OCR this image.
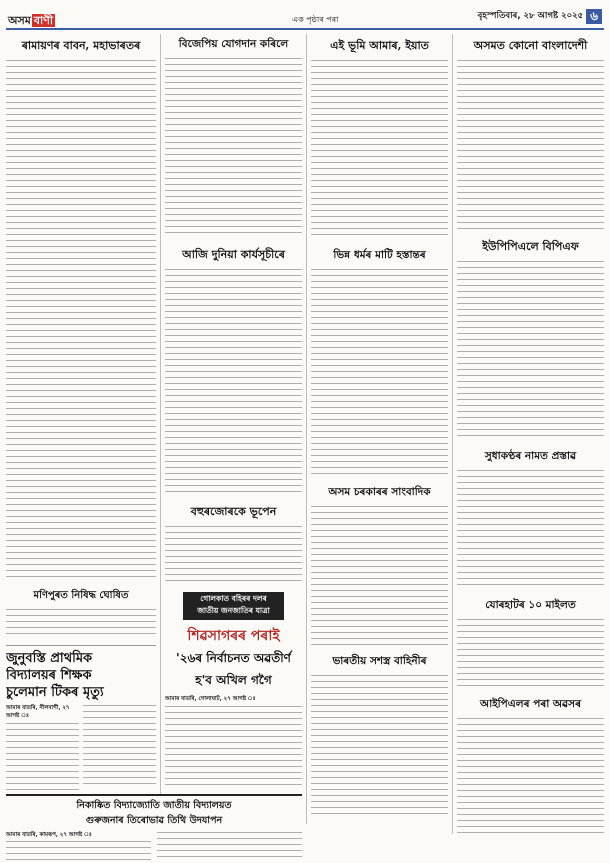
অসম বাণী	এক পৃষ্ঠাৰ পৰা	বৃহস্পতিবাৰ, ২৮ আগষ্ট ২০২৫ ৬
ৰামায়ণৰ বাবন, মহাভাৰতৰ
মণিপুৰত নিষিদ্ধ ঘোষিত
জুনুবস্তি প্ৰাথমিক
বিদ্যালয়ৰ শিক্ষক
চুলেমান টিকৰ মৃত্যু
আমাৰ বাতৰি, নীলবাগী, ২৭ আগষ্ট ঃ
বিজেপিয় যোগদান কৰিলে
আজি দুনিয়া কাৰ্যসূচীৰে
বহুৰজোৰকে ভূপেন
গোলকাত বহিৰৰ দলৰ
জাতীয় জনজাতিৰ যাত্ৰা
শিৱসাগৰৰ পৰাই
'২৬ৰ নিৰ্বাচনত অৱতীৰ্ণ
হ'ব অখিল গগৈ
আমাৰ বাতৰি, গোলাঘাট, ২৭ আগষ্ট ঃ
এই ভূমি আমাৰ, ইয়াত
ভিন্ন ধৰ্মৰ মাটি হস্তান্তৰ
অসম চৰকাৰৰ সাংবাদিক
ভাৰতীয় সশস্ত্ৰ বাহিনীৰ
অসমত কোনো বাংলাদেশী
ইউপিপিএলে বিপিএফ
সুধাকণ্ঠৰ নামত প্ৰস্তাৱ
যোৰহাটৰ ১০ মাইলত
আইপিএলৰ পৰা অৱসৰ
নিকাষ্কিত বিদ্যাজ্যোতি জাতীয় বিদ্যালয়ত
গুৰুজনাৰ তিৰোভাৱ তিথি উদযাপন
আমাৰ বাতৰি, কামৰূপ, ২৭ আগষ্ট ঃ
